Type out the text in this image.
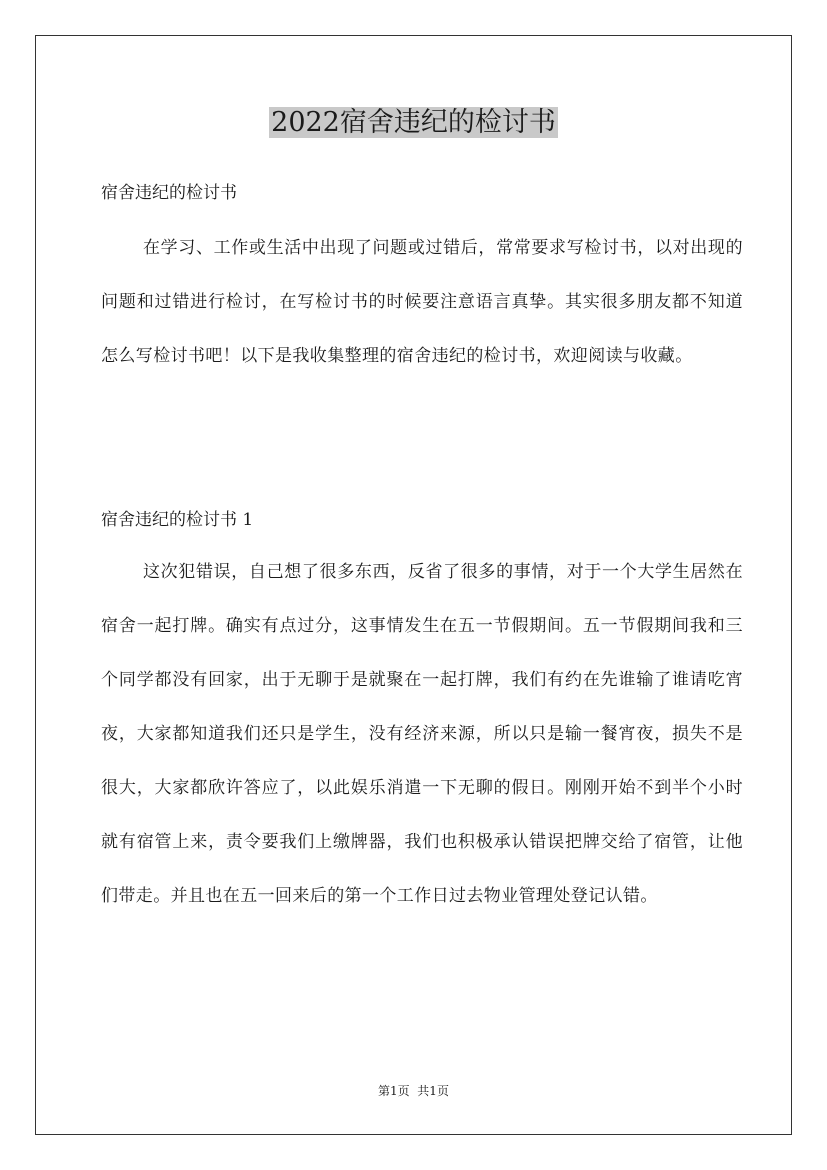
2022宿舍违纪的检讨书

宿舍违纪的检讨书

在学习、工作或生活中出现了问题或过错后，常常要求写检讨书，以对出现的问题和过错进行检讨，在写检讨书的时候要注意语言真挚。其实很多朋友都不知道怎么写检讨书吧！以下是我收集整理的宿舍违纪的检讨书，欢迎阅读与收藏。

宿舍违纪的检讨书 1

这次犯错误，自己想了很多东西，反省了很多的事情，对于一个大学生居然在宿舍一起打牌。确实有点过分，这事情发生在五一节假期间。五一节假期间我和三个同学都没有回家，出于无聊于是就聚在一起打牌，我们有约在先谁输了谁请吃宵夜，大家都知道我们还只是学生，没有经济来源，所以只是输一餐宵夜，损失不是很大，大家都欣许答应了，以此娱乐消遣一下无聊的假日。刚刚开始不到半个小时就有宿管上来，责令要我们上缴牌器，我们也积极承认错误把牌交给了宿管，让他们带走。并且也在五一回来后的第一个工作日过去物业管理处登记认错。

第1页  共1页
